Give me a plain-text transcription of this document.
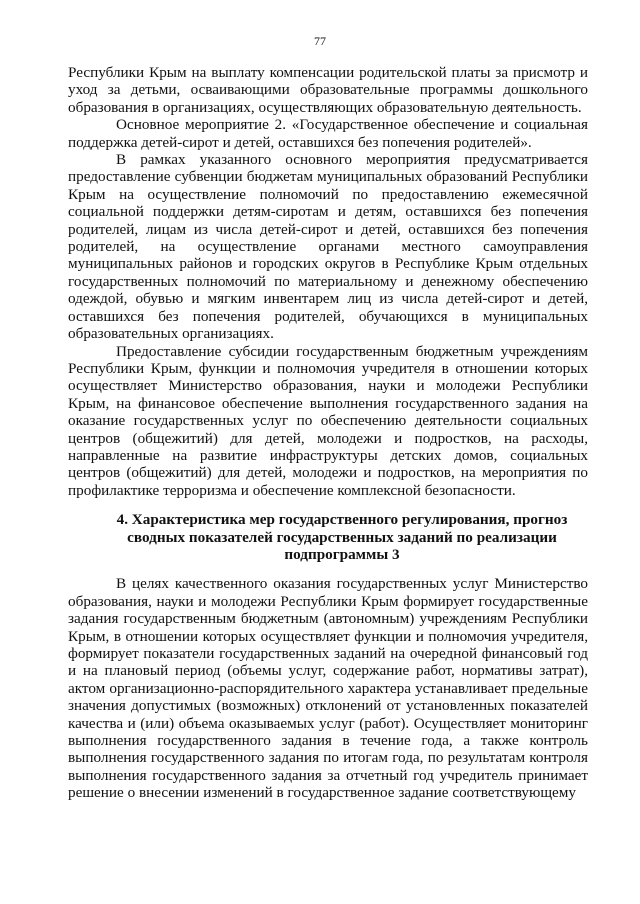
77

Республики Крым на выплату компенсации родительской платы за присмотр и уход за детьми, осваивающими образовательные программы дошкольного образования в организациях, осуществляющих образовательную деятельность.

Основное мероприятие 2. «Государственное обеспечение и социальная поддержка детей-сирот и детей, оставшихся без попечения родителей».

В рамках указанного основного мероприятия предусматривается предоставление субвенции бюджетам муниципальных образований Республики Крым на осуществление полномочий по предоставлению ежемесячной социальной поддержки детям-сиротам и детям, оставшихся без попечения родителей, лицам из числа детей-сирот и детей, оставшихся без попечения родителей, на осуществление органами местного самоуправления муниципальных районов и городских округов в Республике Крым отдельных государственных полномочий по материальному и денежному обеспечению одеждой, обувью и мягким инвентарем лиц из числа детей-сирот и детей, оставшихся без попечения родителей, обучающихся в муниципальных образовательных организациях.

Предоставление субсидии государственным бюджетным учреждениям Республики Крым, функции и полномочия учредителя в отношении которых осуществляет Министерство образования, науки и молодежи Республики Крым, на финансовое обеспечение выполнения государственного задания на оказание государственных услуг по обеспечению деятельности социальных центров (общежитий) для детей, молодежи и подростков, на расходы, направленные на развитие инфраструктуры детских домов, социальных центров (общежитий) для детей, молодежи и подростков, на мероприятия по профилактике терроризма и обеспечение комплексной безопасности.

4. Характеристика мер государственного регулирования, прогноз сводных показателей государственных заданий по реализации подпрограммы 3

В целях качественного оказания государственных услуг Министерство образования, науки и молодежи Республики Крым формирует государственные задания государственным бюджетным (автономным) учреждениям Республики Крым, в отношении которых осуществляет функции и полномочия учредителя, формирует показатели государственных заданий на очередной финансовый год и на плановый период (объемы услуг, содержание работ, нормативы затрат), актом организационно-распорядительного характера устанавливает предельные значения допустимых (возможных) отклонений от установленных показателей качества и (или) объема оказываемых услуг (работ). Осуществляет мониторинг выполнения государственного задания в течение года, а также контроль выполнения государственного задания по итогам года, по результатам контроля выполнения государственного задания за отчетный год учредитель принимает решение о внесении изменений в государственное задание соответствующему
